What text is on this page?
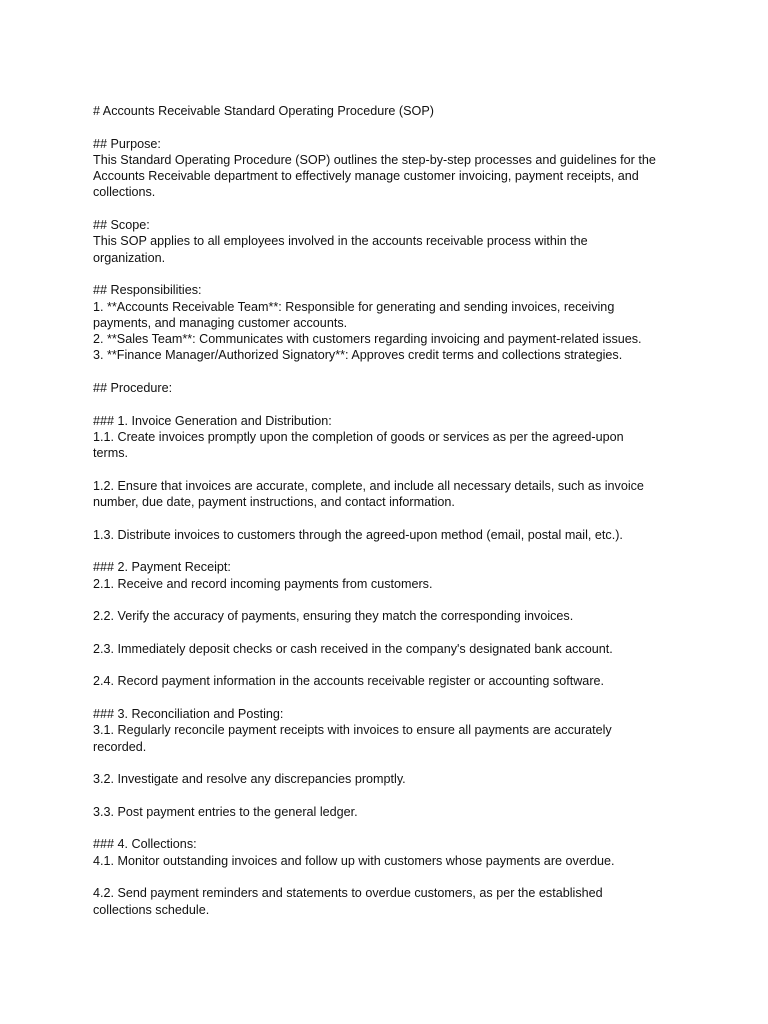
# Accounts Receivable Standard Operating Procedure (SOP)

## Purpose:
This Standard Operating Procedure (SOP) outlines the step-by-step processes and guidelines for the
Accounts Receivable department to effectively manage customer invoicing, payment receipts, and
collections.

## Scope:
This SOP applies to all employees involved in the accounts receivable process within the
organization.

## Responsibilities:
1. **Accounts Receivable Team**: Responsible for generating and sending invoices, receiving
payments, and managing customer accounts.
2. **Sales Team**: Communicates with customers regarding invoicing and payment-related issues.
3. **Finance Manager/Authorized Signatory**: Approves credit terms and collections strategies.

## Procedure:

### 1. Invoice Generation and Distribution:
1.1. Create invoices promptly upon the completion of goods or services as per the agreed-upon
terms.

1.2. Ensure that invoices are accurate, complete, and include all necessary details, such as invoice
number, due date, payment instructions, and contact information.

1.3. Distribute invoices to customers through the agreed-upon method (email, postal mail, etc.).

### 2. Payment Receipt:
2.1. Receive and record incoming payments from customers.

2.2. Verify the accuracy of payments, ensuring they match the corresponding invoices.

2.3. Immediately deposit checks or cash received in the company's designated bank account.

2.4. Record payment information in the accounts receivable register or accounting software.

### 3. Reconciliation and Posting:
3.1. Regularly reconcile payment receipts with invoices to ensure all payments are accurately
recorded.

3.2. Investigate and resolve any discrepancies promptly.

3.3. Post payment entries to the general ledger.

### 4. Collections:
4.1. Monitor outstanding invoices and follow up with customers whose payments are overdue.

4.2. Send payment reminders and statements to overdue customers, as per the established
collections schedule.
